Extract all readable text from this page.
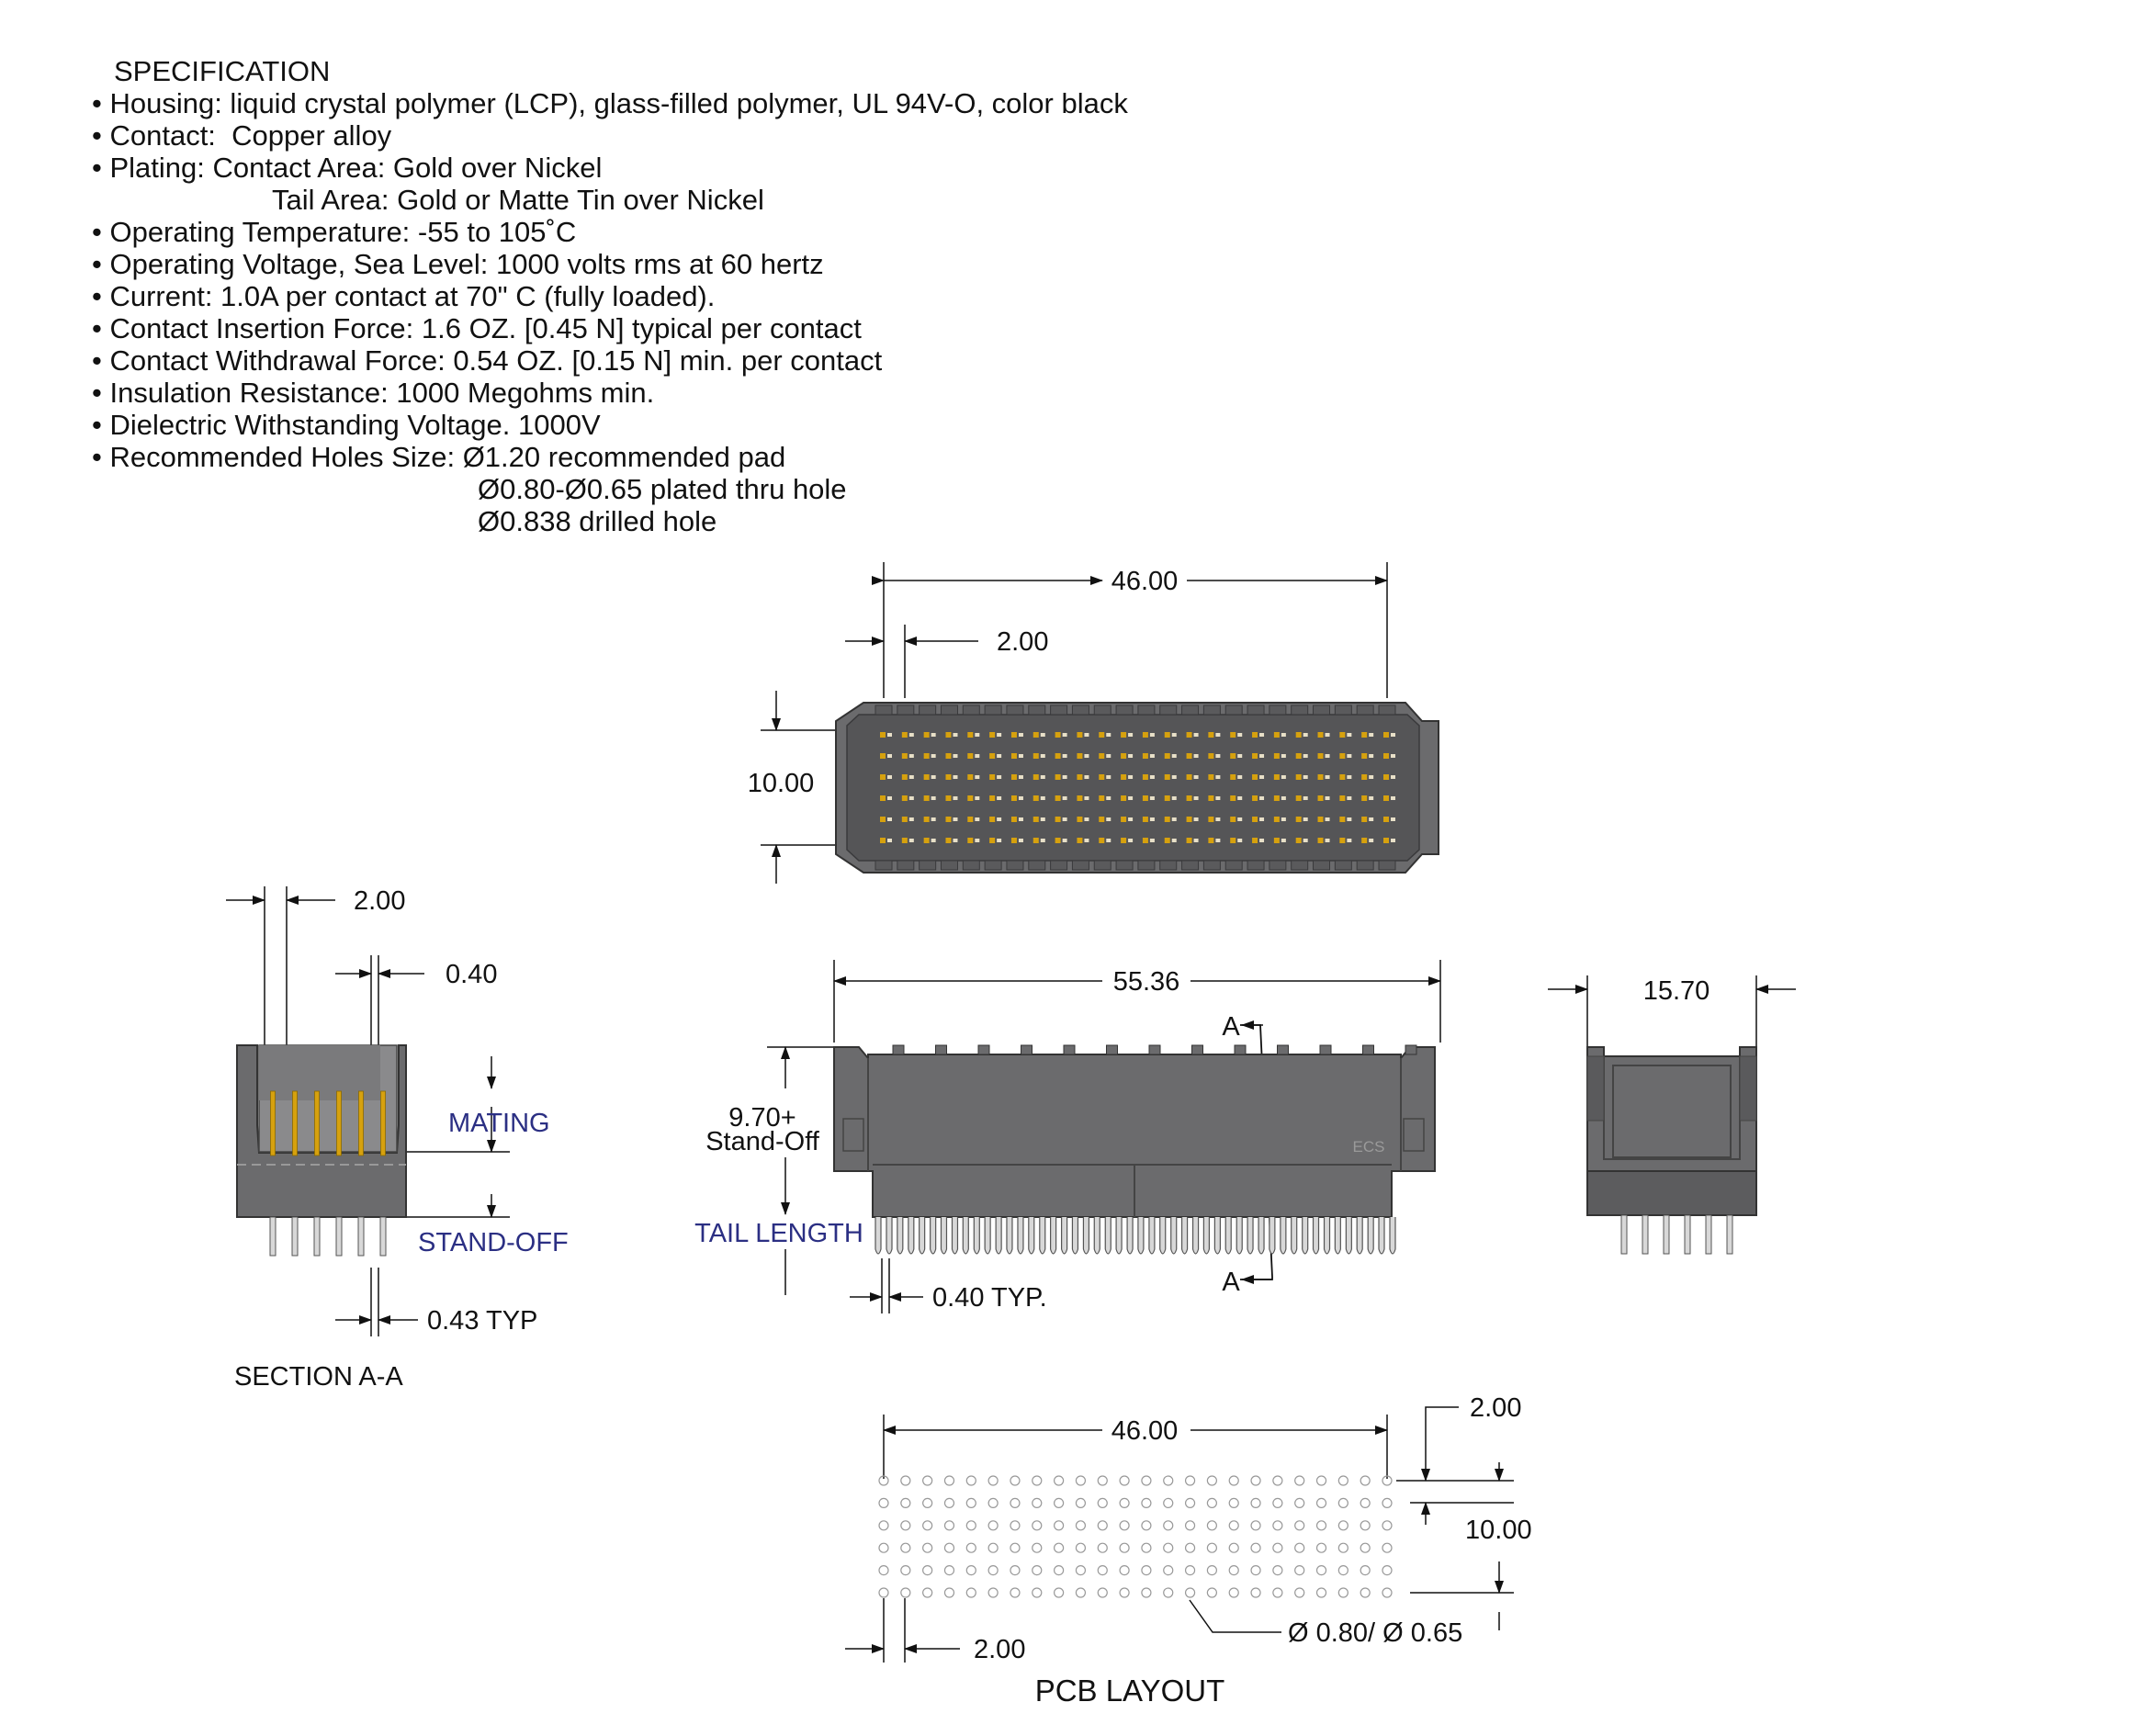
SPECIFICATION
• Housing: liquid crystal polymer (LCP), glass-filled polymer, UL 94V-O, color black
• Contact:  Copper alloy
• Plating: Contact Area: Gold over Nickel
Tail Area: Gold or Matte Tin over Nickel
• Operating Temperature: -55 to 105˚C
• Operating Voltage, Sea Level: 1000 volts rms at 60 hertz
• Current: 1.0A per contact at 70" C (fully loaded).
• Contact Insertion Force: 1.6 OZ. [0.45 N] typical per contact
• Contact Withdrawal Force: 0.54 OZ. [0.15 N] min. per contact
• Insulation Resistance: 1000 Megohms min.
• Dielectric Withstanding Voltage. 1000V
• Recommended Holes Size: Ø1.20 recommended pad
Ø0.80-Ø0.65 plated thru hole
Ø0.838 drilled hole
46.00
2.00
10.00
55.36
9.70+
Stand-Off
TAIL LENGTH
0.40 TYP.
A
A
ECS
15.70
2.00
0.40
MATING
STAND-OFF
0.43 TYP
SECTION A-A
46.00
2.00
10.00
2.00
Ø 0.80/ Ø 0.65
PCB LAYOUT
